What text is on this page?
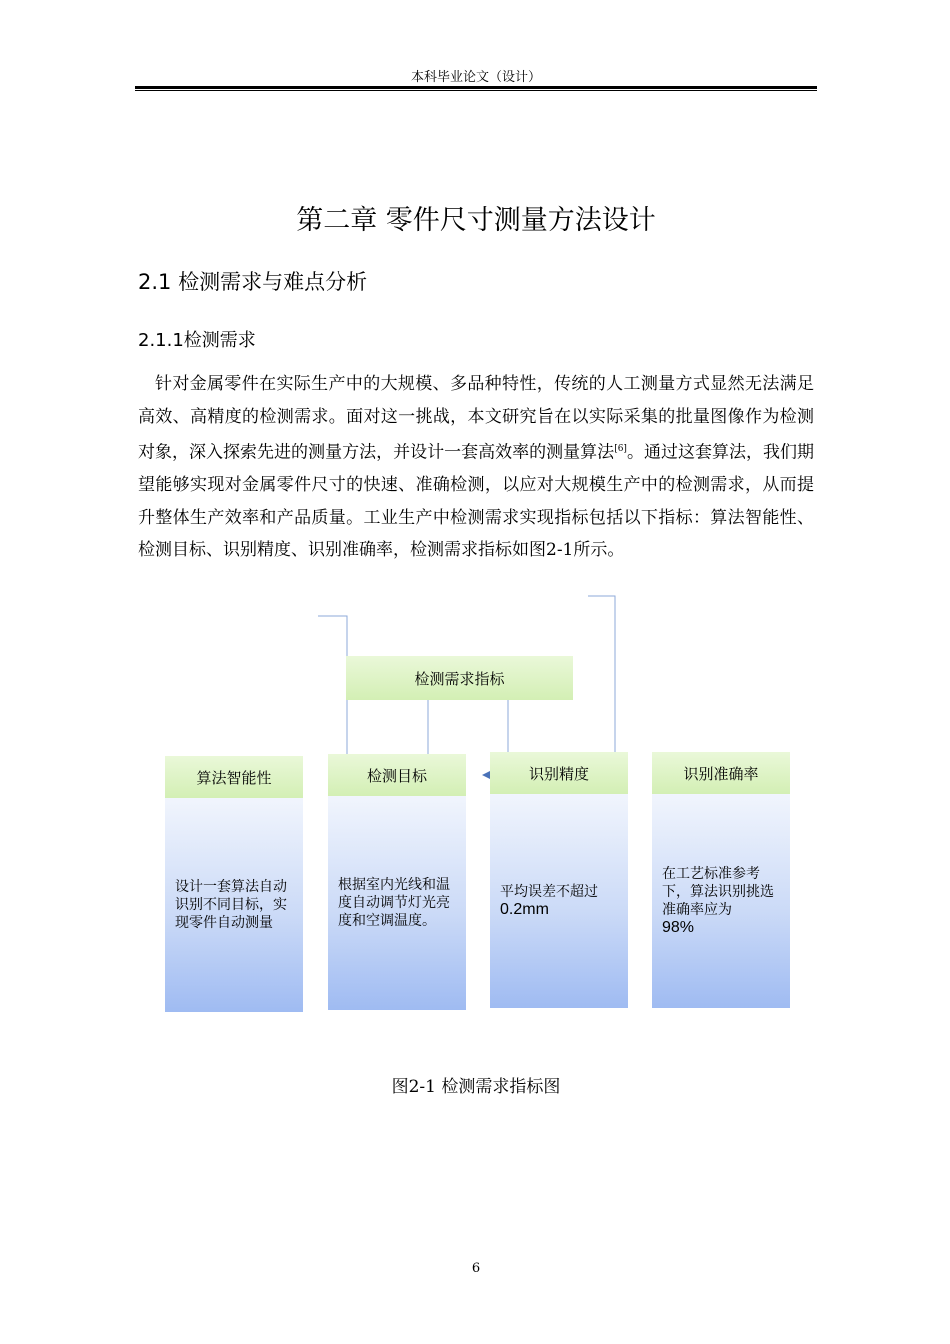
本科毕业论文（设计）
第二章 零件尺寸测量方法设计
2.1 检测需求与难点分析
2.1.1检测需求

针对金属零件在实际生产中的大规模、多品种特性，传统的人工测量方式显然无法满足高效、高精度的检测需求。面对这一挑战，本文研究旨在以实际采集的批量图像作为检测对象，深入探索先进的测量方法，并设计一套高效率的测量算法[6]。通过这套算法，我们期望能够实现对金属零件尺寸的快速、准确检测，以应对大规模生产中的检测需求，从而提升整体生产效率和产品质量。工业生产中检测需求实现指标包括以下指标：算法智能性、检测目标、识别精度、识别准确率，检测需求指标如图2-1所示。

检测需求指标
算法智能性
设计一套算法自动识别不同目标，实现零件自动测量
检测目标
根据室内光线和温度自动调节灯光亮度和空调温度。
识别精度
平均误差不超过
0.2mm
识别准确率
在工艺标准参考下，算法识别挑选准确率应为
98%
图2-1 检测需求指标图
6
